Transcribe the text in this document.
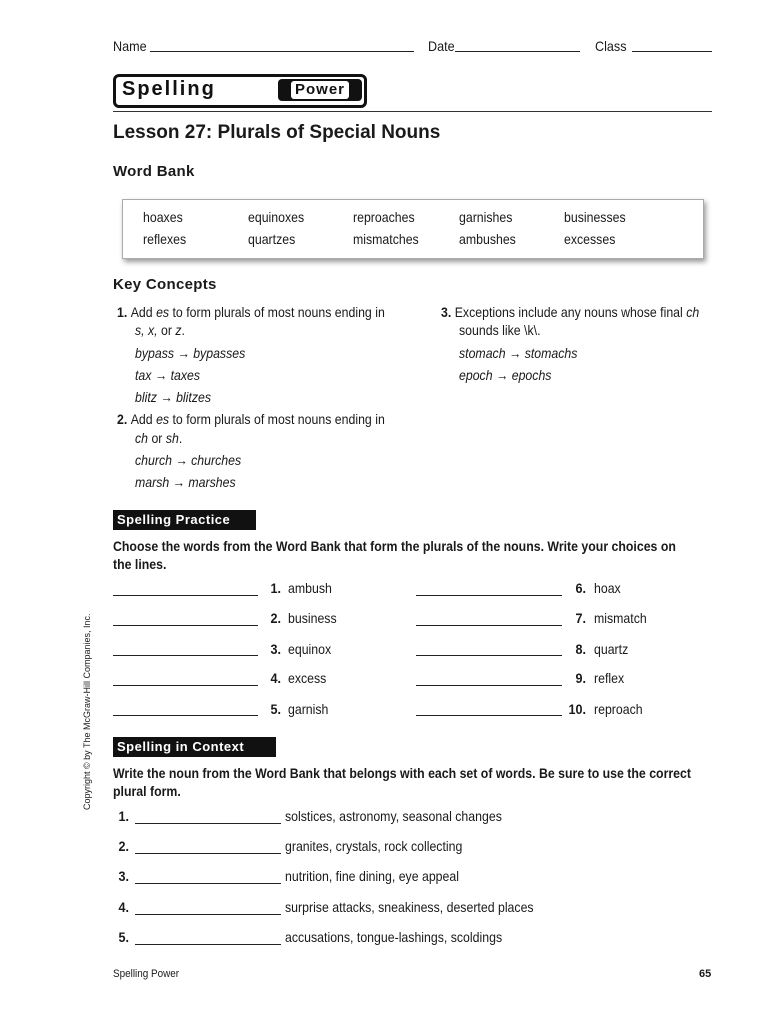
Name	Date	Class
Spelling	Power
Lesson 27: Plurals of Special Nouns
Word Bank
hoaxes	equinoxes	reproaches	garnishes	businesses
reflexes	quartzes	mismatches	ambushes	excesses
Key Concepts
1. Add es to form plurals of most nouns ending in
s, x, or z.
bypass → bypasses
tax → taxes
blitz → blitzes
2. Add es to form plurals of most nouns ending in
ch or sh.
church → churches
marsh → marshes
3. Exceptions include any nouns whose final ch
sounds like \k\.
stomach → stomachs
epoch → epochs
Spelling Practice
Choose the words from the Word Bank that form the plurals of the nouns. Write your choices on the lines.
1. ambush
2. business
3. equinox
4. excess
5. garnish
6. hoax
7. mismatch
8. quartz
9. reflex
10. reproach
Spelling in Context
Write the noun from the Word Bank that belongs with each set of words. Be sure to use the correct plural form.
1.	solstices, astronomy, seasonal changes
2.	granites, crystals, rock collecting
3.	nutrition, fine dining, eye appeal
4.	surprise attacks, sneakiness, deserted places
5.	accusations, tongue-lashings, scoldings
Spelling Power	65
Copyright © by The McGraw-Hill Companies, Inc.
